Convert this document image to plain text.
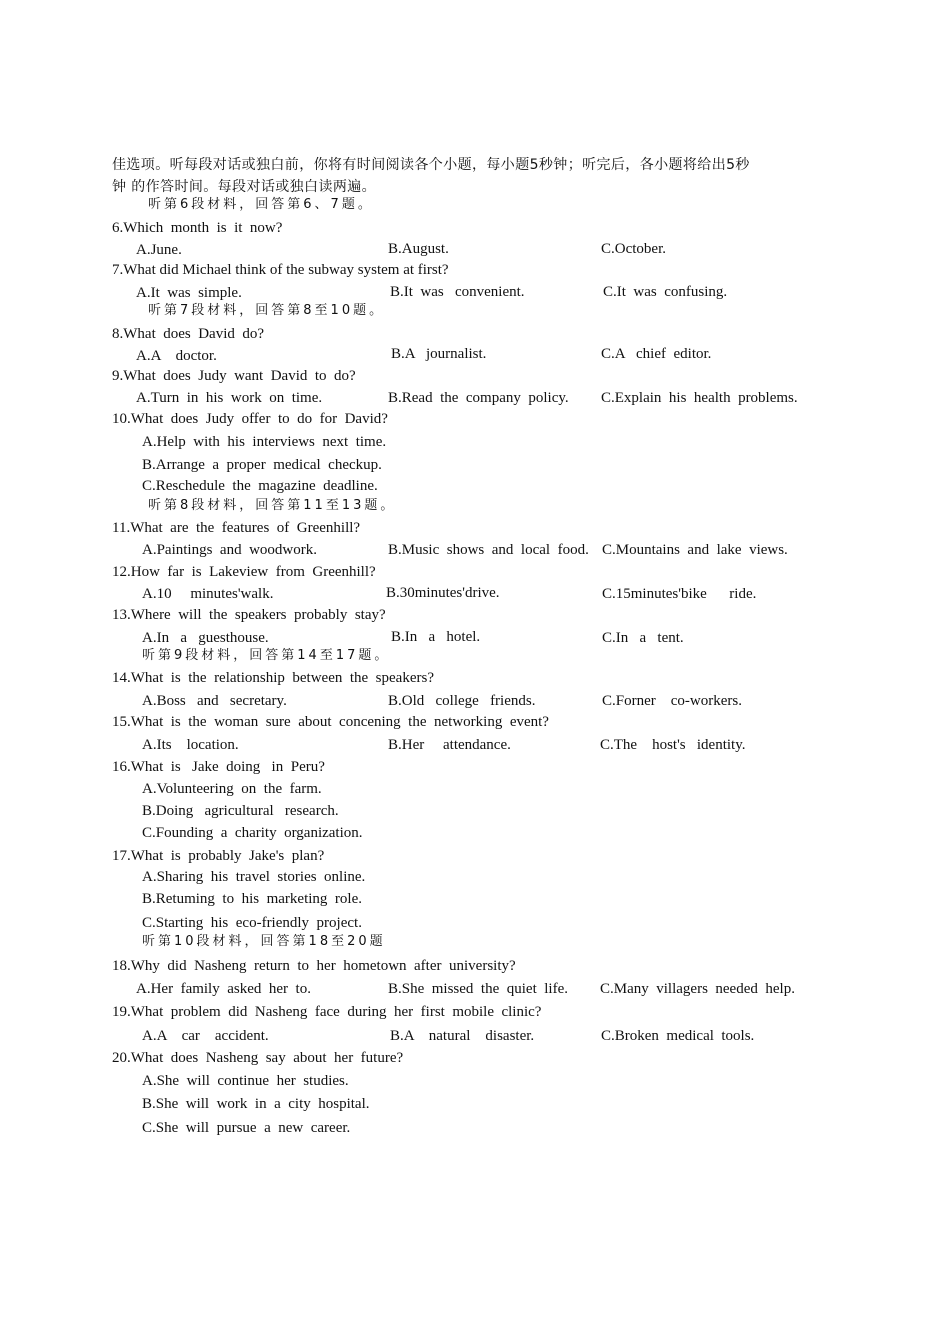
佳选项。听每段对话或独白前，你将有时间阅读各个小题，每小题5秒钟；听完后，各小题将给出5秒
钟 的作答时间。每段对话或独白读两遍。
听第6段材料，回答第6、7题。
6.Which  month  is  it  now?
A.June.	B.August.	C.October.
7.What did Michael think of the subway system at first?
A.It  was  simple.	B.It  was   convenient.	C.It  was  confusing.
听第7段材料，回答第8至10题。
8.What  does  David  do?
A.A    doctor.	B.A   journalist.	C.A   chief  editor.
9.What  does  Judy  want  David  to  do?
A.Turn  in  his  work  on  time.	B.Read  the  company  policy. C.Explain  his  health  problems.
10.What  does  Judy  offer  to  do  for  David?
A.Help  with  his  interviews  next  time.
B.Arrange  a  proper  medical  checkup.
C.Reschedule  the  magazine  deadline.
听第8段材料，回答第11至13题。
11.What  are  the  features  of  Greenhill?
A.Paintings  and  woodwork.	B.Music  shows  and  local  food. C.Mountains  and  lake  views.
12.How  far  is  Lakeview  from  Greenhill?
A.10     minutes'walk.	B.30minutes'drive.	C.15minutes'bike      ride.
13.Where  will  the  speakers  probably  stay?
A.In   a   guesthouse.	B.In   a   hotel.	C.In   a   tent.
听第9段材料，回答第14至17题。
14.What  is  the  relationship  between  the  speakers?
A.Boss   and   secretary.	B.Old   college   friends.	C.Forner    co-workers.
15.What  is  the  woman  sure  about  concening  the  networking  event?
A.Its    location.	B.Her     attendance.	C.The    host's   identity.
16.What  is   Jake  doing   in  Peru?
A.Volunteering  on  the  farm.
B.Doing   agricultural   research.
C.Founding  a  charity  organization.
17.What  is  probably  Jake's  plan?
A.Sharing  his  travel  stories  online.
B.Retuming  to  his  marketing  role.
C.Starting  his  eco-friendly  project.
听第10段材料，回答第18至20题
18.Why  did  Nasheng  return  to  her  hometown  after  university?
A.Her  family  asked  her  to.	B.She  missed  the  quiet  life. C.Many  villagers  needed  help.
19.What  problem  did  Nasheng  face  during  her  first  mobile  clinic?
A.A    car    accident.	B.A    natural    disaster.	C.Broken  medical  tools.
20.What  does  Nasheng  say  about  her  future?
A.She  will  continue  her  studies.
B.She  will  work  in  a  city  hospital.
C.She  will  pursue  a  new  career.
